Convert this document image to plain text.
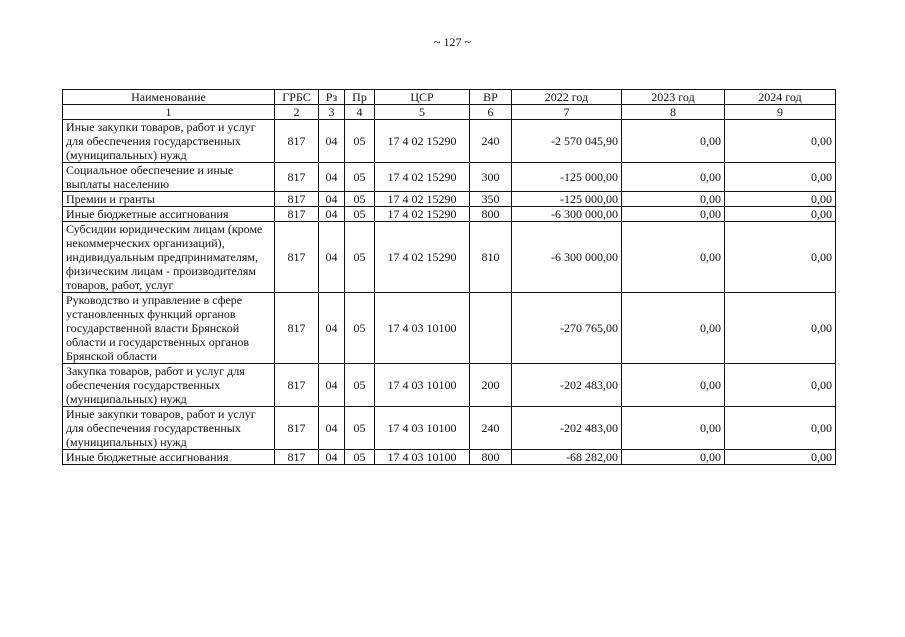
~ 127 ~
Наименование	ГРБС	Рз	Пр	ЦСР	ВР	2022 год	2023 год	2024 год
1	2	3	4	5	6	7	8	9
Иные закупки товаров, работ и услуг для обеспечения государственных (муниципальных) нужд	817	04	05	17 4 02 15290	240	-2 570 045,90	0,00	0,00
Социальное обеспечение и иные выплаты населению	817	04	05	17 4 02 15290	300	-125 000,00	0,00	0,00
Премии и гранты	817	04	05	17 4 02 15290	350	-125 000,00	0,00	0,00
Иные бюджетные ассигнования	817	04	05	17 4 02 15290	800	-6 300 000,00	0,00	0,00
Субсидии юридическим лицам (кроме некоммерческих организаций), индивидуальным предпринимателям, физическим лицам - производителям товаров, работ, услуг	817	04	05	17 4 02 15290	810	-6 300 000,00	0,00	0,00
Руководство и управление в сфере установленных функций органов государственной власти Брянской области и государственных органов Брянской области	817	04	05	17 4 03 10100		-270 765,00	0,00	0,00
Закупка товаров, работ и услуг для обеспечения государственных (муниципальных) нужд	817	04	05	17 4 03 10100	200	-202 483,00	0,00	0,00
Иные закупки товаров, работ и услуг для обеспечения государственных (муниципальных) нужд	817	04	05	17 4 03 10100	240	-202 483,00	0,00	0,00
Иные бюджетные ассигнования	817	04	05	17 4 03 10100	800	-68 282,00	0,00	0,00
